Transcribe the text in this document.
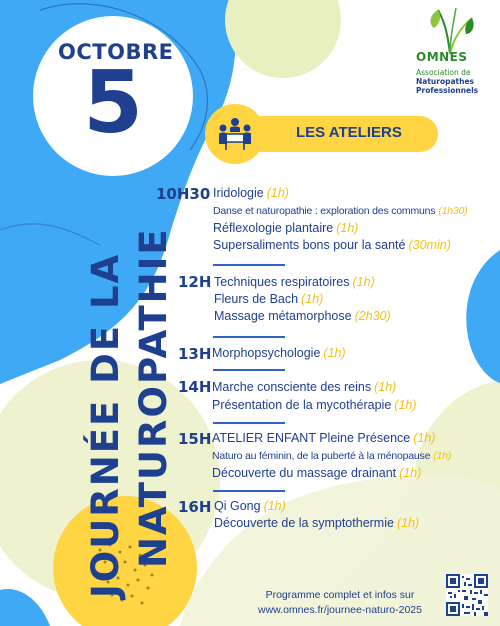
OCTOBRE
5
JOURNÉE DE LA NATUROPATHIE
OMNES
Association de
Naturopathes
Professionnels
LES ATELIERS
10H30 Iridologie (1h)
Danse et naturopathie : exploration des communs (1h30)
Réflexologie plantaire (1h)
Supersaliments bons pour la santé (30min)
12H Techniques respiratoires (1h)
Fleurs de Bach (1h)
Massage métamorphose (2h30)
13H Morphopsychologie (1h)
14H Marche consciente des reins (1h)
Présentation de la mycothérapie (1h)
15H ATELIER ENFANT Pleine Présence (1h)
Naturo au féminin, de la puberté à la ménopause (1h)
Découverte du massage drainant (1h)
16H Qi Gong (1h)
Découverte de la symptothermie (1h)
Programme complet et infos sur
www.omnes.fr/journee-naturo-2025
